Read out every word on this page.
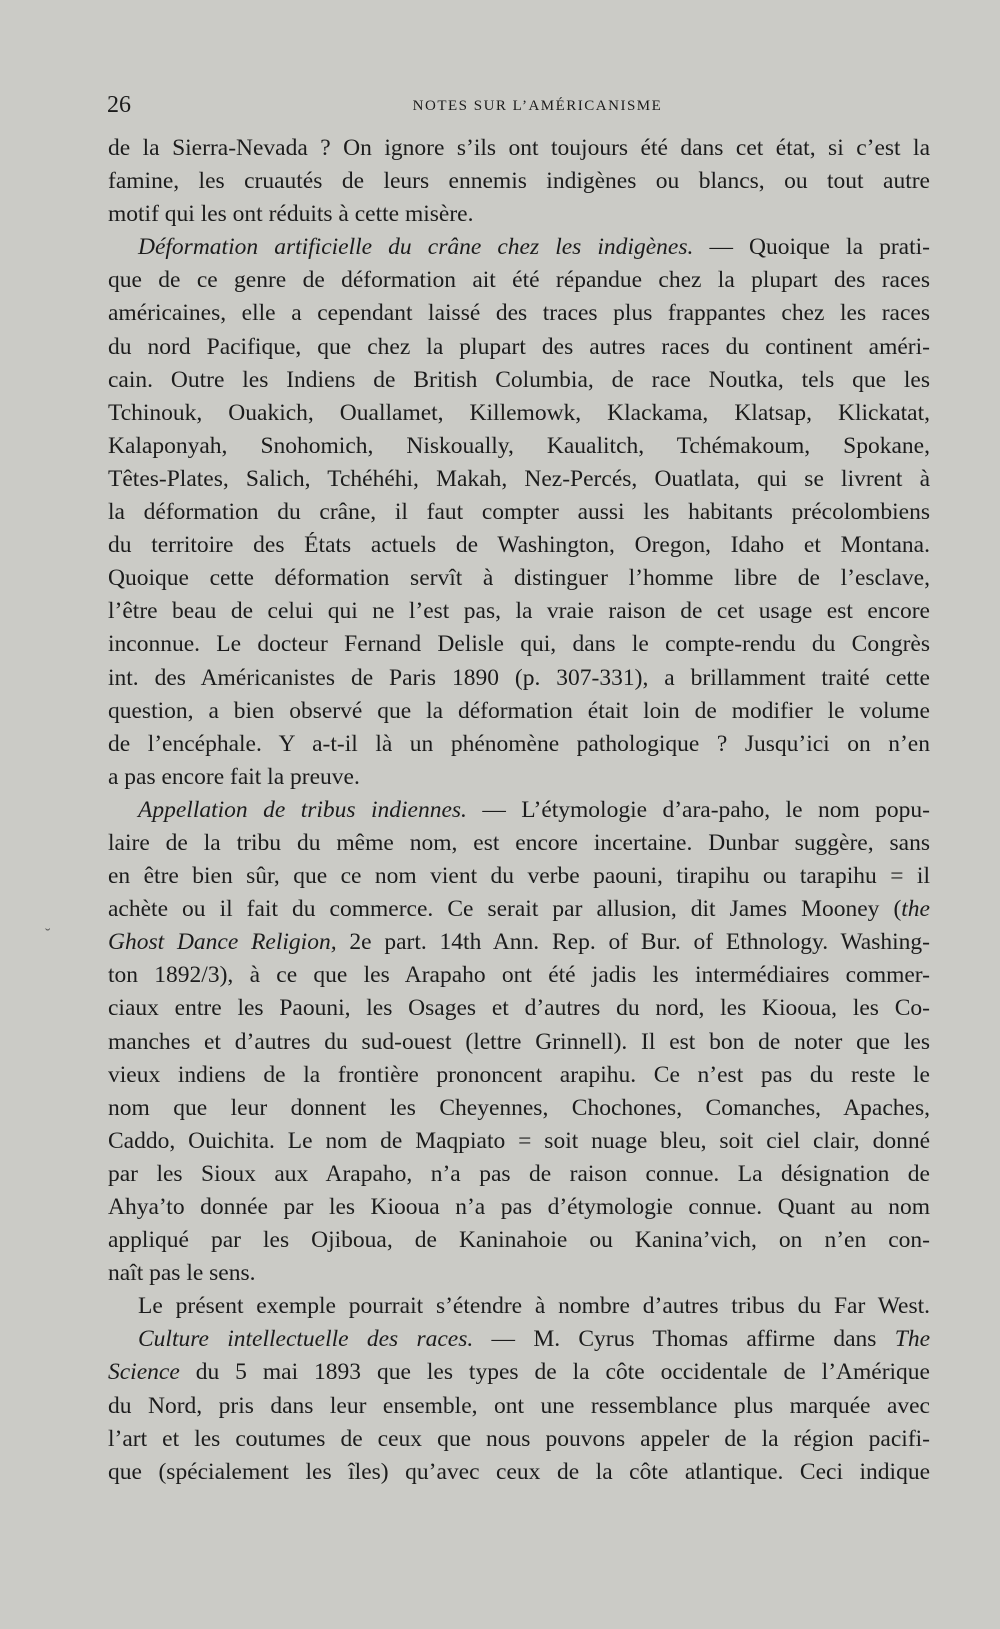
26	NOTES SUR L’AMÉRICANISME
˘
de la Sierra-Nevada ? On ignore s’ils ont toujours été dans cet état, si c’est la
famine, les cruautés de leurs ennemis indigènes ou blancs, ou tout autre
motif qui les ont réduits à cette misère.
Déformation artificielle du crâne chez les indigènes. — Quoique la prati-
que de ce genre de déformation ait été répandue chez la plupart des races
américaines, elle a cependant laissé des traces plus frappantes chez les races
du nord Pacifique, que chez la plupart des autres races du continent améri-
cain. Outre les Indiens de British Columbia, de race Noutka, tels que les
Tchinouk, Ouakich, Ouallamet, Killemowk, Klackama, Klatsap, Klickatat,
Kalaponyah, Snohomich, Niskoually, Kaualitch, Tchémakoum, Spokane,
Têtes-Plates, Salich, Tchéhéhi, Makah, Nez-Percés, Ouatlata, qui se livrent à
la déformation du crâne, il faut compter aussi les habitants précolombiens
du territoire des États actuels de Washington, Oregon, Idaho et Montana.
Quoique cette déformation servît à distinguer l’homme libre de l’esclave,
l’être beau de celui qui ne l’est pas, la vraie raison de cet usage est encore
inconnue. Le docteur Fernand Delisle qui, dans le compte-rendu du Congrès
int. des Américanistes de Paris 1890 (p. 307-331), a brillamment traité cette
question, a bien observé que la déformation était loin de modifier le volume
de l’encéphale. Y a-t-il là un phénomène pathologique ? Jusqu’ici on n’en
a pas encore fait la preuve.
Appellation de tribus indiennes. — L’étymologie d’ara-paho, le nom popu-
laire de la tribu du même nom, est encore incertaine. Dunbar suggère, sans
en être bien sûr, que ce nom vient du verbe paouni, tirapihu ou tarapihu = il
achète ou il fait du commerce. Ce serait par allusion, dit James Mooney (the
Ghost Dance Religion, 2e part. 14th Ann. Rep. of Bur. of Ethnology. Washing-
ton 1892/3), à ce que les Arapaho ont été jadis les intermédiaires commer-
ciaux entre les Paouni, les Osages et d’autres du nord, les Kiooua, les Co-
manches et d’autres du sud-ouest (lettre Grinnell). Il est bon de noter que les
vieux indiens de la frontière prononcent arapihu. Ce n’est pas du reste le
nom que leur donnent les Cheyennes, Chochones, Comanches, Apaches,
Caddo, Ouichita. Le nom de Maqpiato = soit nuage bleu, soit ciel clair, donné
par les Sioux aux Arapaho, n’a pas de raison connue. La désignation de
Ahya’to donnée par les Kiooua n’a pas d’étymologie connue. Quant au nom
appliqué par les Ojiboua, de Kaninahoie ou Kanina’vich, on n’en con-
naît pas le sens.
Le présent exemple pourrait s’étendre à nombre d’autres tribus du Far West.
Culture intellectuelle des races. — M. Cyrus Thomas affirme dans The
Science du 5 mai 1893 que les types de la côte occidentale de l’Amérique
du Nord, pris dans leur ensemble, ont une ressemblance plus marquée avec
l’art et les coutumes de ceux que nous pouvons appeler de la région pacifi-
que (spécialement les îles) qu’avec ceux de la côte atlantique. Ceci indique
